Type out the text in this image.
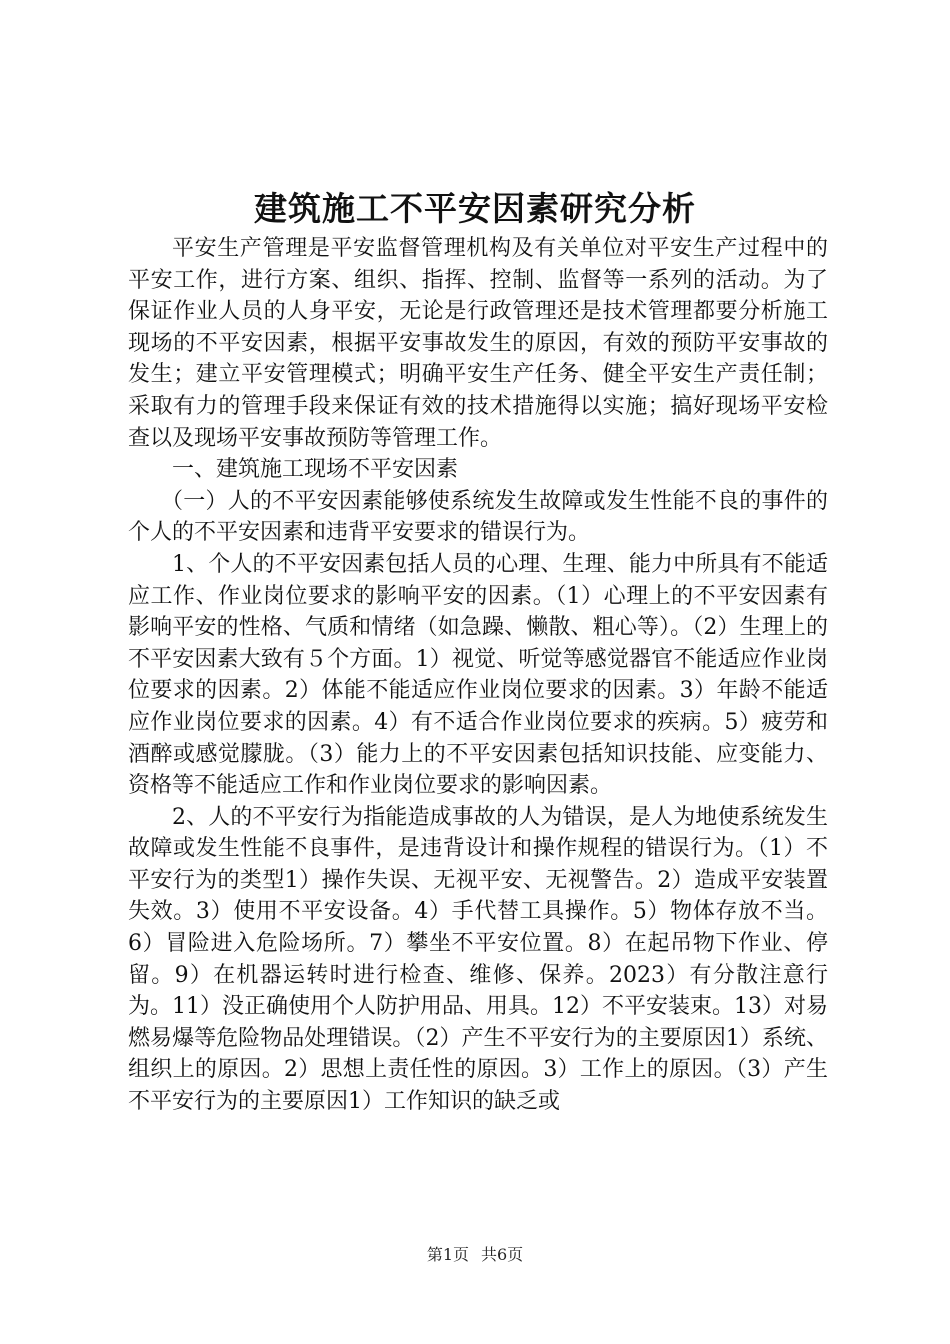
建筑施工不平安因素研究分析

平安生产管理是平安监督管理机构及有关单位对平安生产过程中的平安工作，进行方案、组织、指挥、控制、监督等一系列的活动。为了保证作业人员的人身平安，无论是行政管理还是技术管理都要分析施工现场的不平安因素，根据平安事故发生的原因，有效的预防平安事故的发生；建立平安管理模式；明确平安生产任务、健全平安生产责任制；采取有力的管理手段来保证有效的技术措施得以实施；搞好现场平安检查以及现场平安事故预防等管理工作。

一、建筑施工现场不平安因素

（一）人的不平安因素能够使系统发生故障或发生性能不良的事件的个人的不平安因素和违背平安要求的错误行为。

1、个人的不平安因素包括人员的心理、生理、能力中所具有不能适应工作、作业岗位要求的影响平安的因素。（1）心理上的不平安因素有影响平安的性格、气质和情绪（如急躁、懒散、粗心等）。（2）生理上的不平安因素大致有５个方面。1）视觉、听觉等感觉器官不能适应作业岗位要求的因素。2）体能不能适应作业岗位要求的因素。3）年龄不能适应作业岗位要求的因素。4）有不适合作业岗位要求的疾病。5）疲劳和酒醉或感觉朦胧。（3）能力上的不平安因素包括知识技能、应变能力、资格等不能适应工作和作业岗位要求的影响因素。

2、人的不平安行为指能造成事故的人为错误，是人为地使系统发生故障或发生性能不良事件，是违背设计和操作规程的错误行为。（1）不平安行为的类型1）操作失误、无视平安、无视警告。2）造成平安装置失效。3）使用不平安设备。4）手代替工具操作。5）物体存放不当。6）冒险进入危险场所。7）攀坐不平安位置。8）在起吊物下作业、停留。9）在机器运转时进行检查、维修、保养。2023）有分散注意行为。11）没正确使用个人防护用品、用具。12）不平安装束。13）对易燃易爆等危险物品处理错误。（2）产生不平安行为的主要原因1）系统、组织上的原因。2）思想上责任性的原因。3）工作上的原因。（3）产生不平安行为的主要原因1）工作知识的缺乏或

第1页 共6页
